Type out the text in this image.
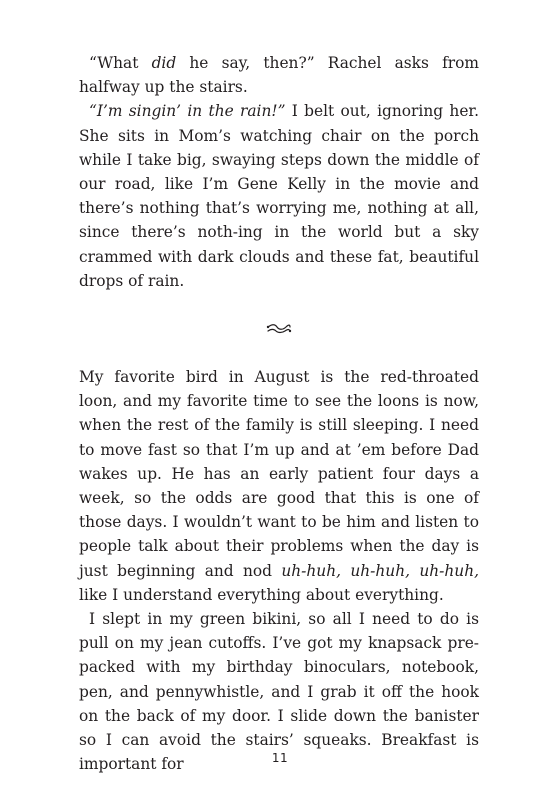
“What did he say, then?” Rachel asks from halfway up the stairs.

“I’m singin’ in the rain!” I belt out, ignoring her. She sits in Mom’s watching chair on the porch while I take big, swaying steps down the middle of our road, like I’m Gene Kelly in the movie and there’s nothing that’s worrying me, nothing at all, since there’s noth-ing in the world but a sky crammed with dark clouds and these fat, beautiful drops of rain.

My favorite bird in August is the red-throated loon, and my favorite time to see the loons is now, when the rest of the family is still sleeping. I need to move fast so that I’m up and at ’em before Dad wakes up. He has an early patient four days a week, so the odds are good that this is one of those days. I wouldn’t want to be him and listen to people talk about their problems when the day is just beginning and nod uh-huh, uh-huh, uh-huh, like I understand everything about everything.

I slept in my green bikini, so all I need to do is pull on my jean cutoffs. I’ve got my knapsack pre-packed with my birthday binoculars, notebook, pen, and pennywhistle, and I grab it off the hook on the back of my door. I slide down the banister so I can avoid the stairs’ squeaks. Breakfast is important for	11
